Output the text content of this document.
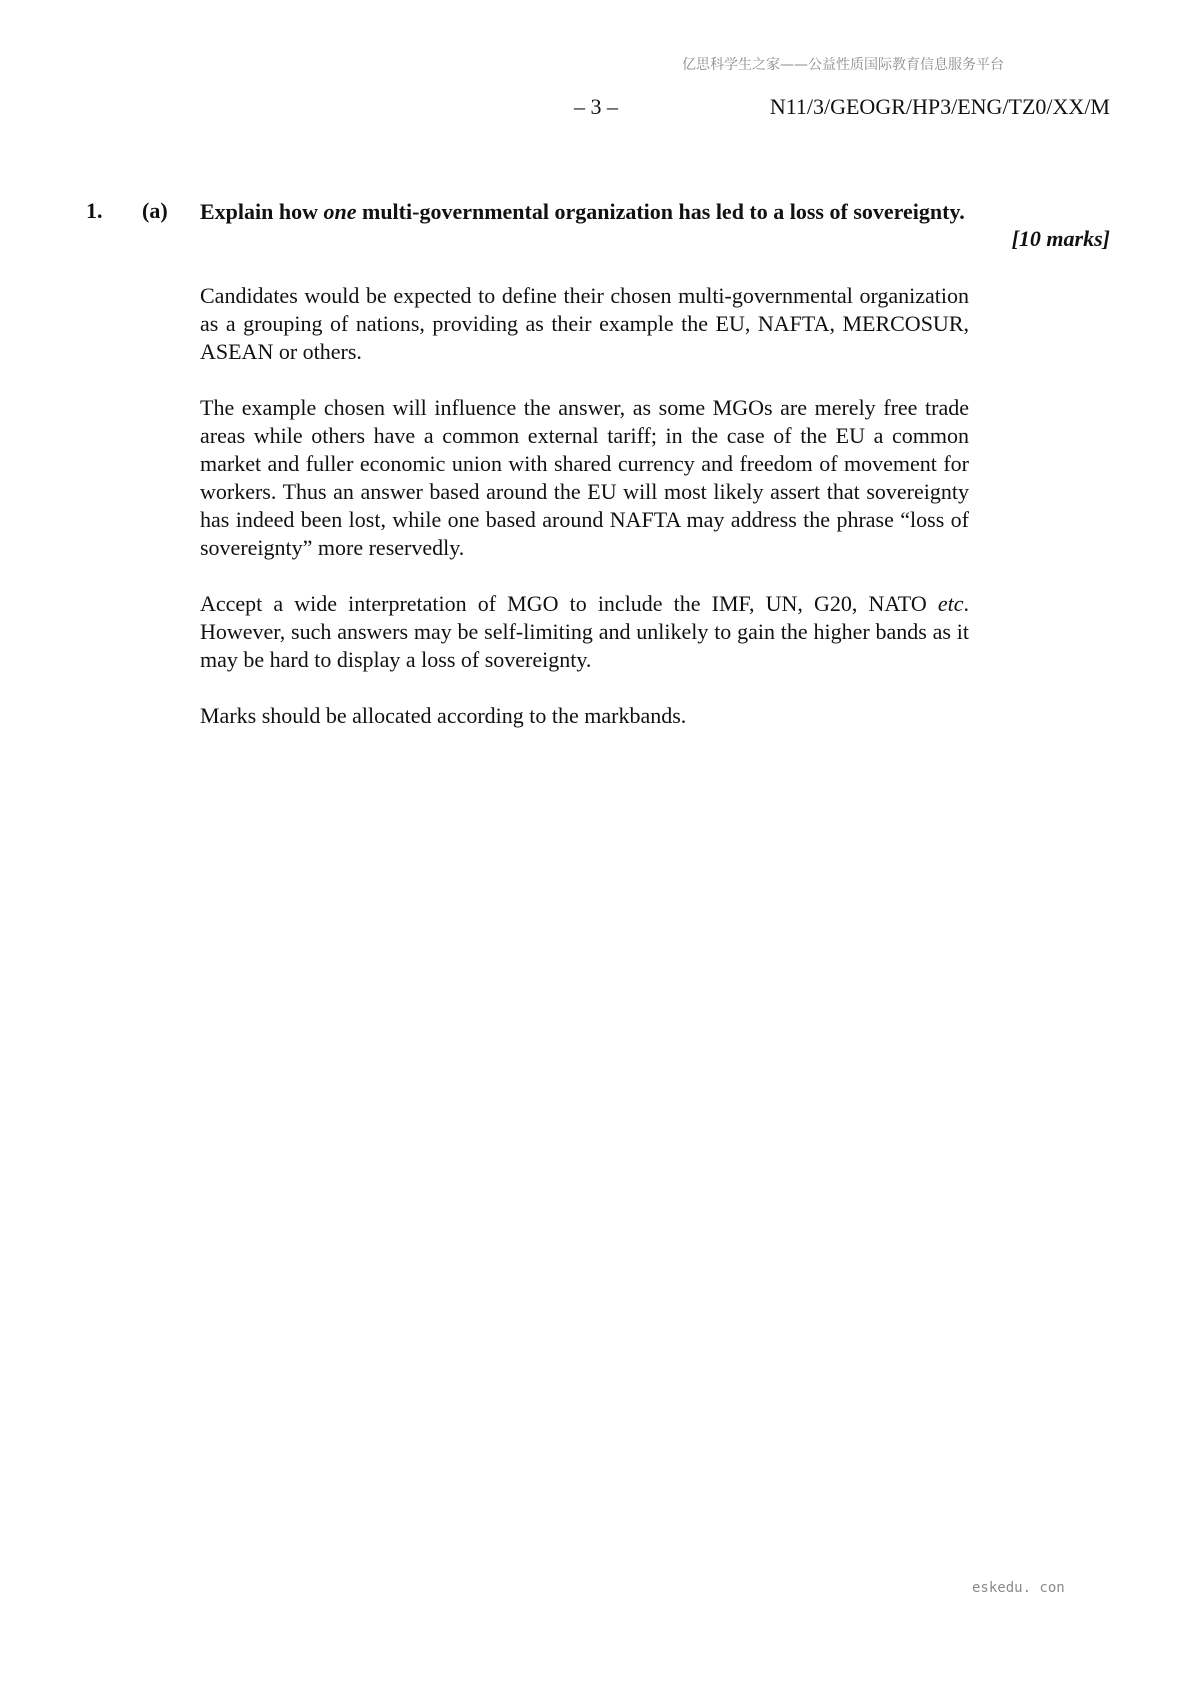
亿思科学生之家——公益性质国际教育信息服务平台
– 3 –	N11/3/GEOGR/HP3/ENG/TZ0/XX/M
1. (a) Explain how one multi-governmental organization has led to a loss of sovereignty.
[10 marks]

Candidates would be expected to define their chosen multi-governmental organization as a grouping of nations, providing as their example the EU, NAFTA, MERCOSUR, ASEAN or others.

The example chosen will influence the answer, as some MGOs are merely free trade areas while others have a common external tariff; in the case of the EU a common market and fuller economic union with shared currency and freedom of movement for workers. Thus an answer based around the EU will most likely assert that sovereignty has indeed been lost, while one based around NAFTA may address the phrase “loss of sovereignty” more reservedly.

Accept a wide interpretation of MGO to include the IMF, UN, G20, NATO etc. However, such answers may be self-limiting and unlikely to gain the higher bands as it may be hard to display a loss of sovereignty.

Marks should be allocated according to the markbands.

eskedu. con
